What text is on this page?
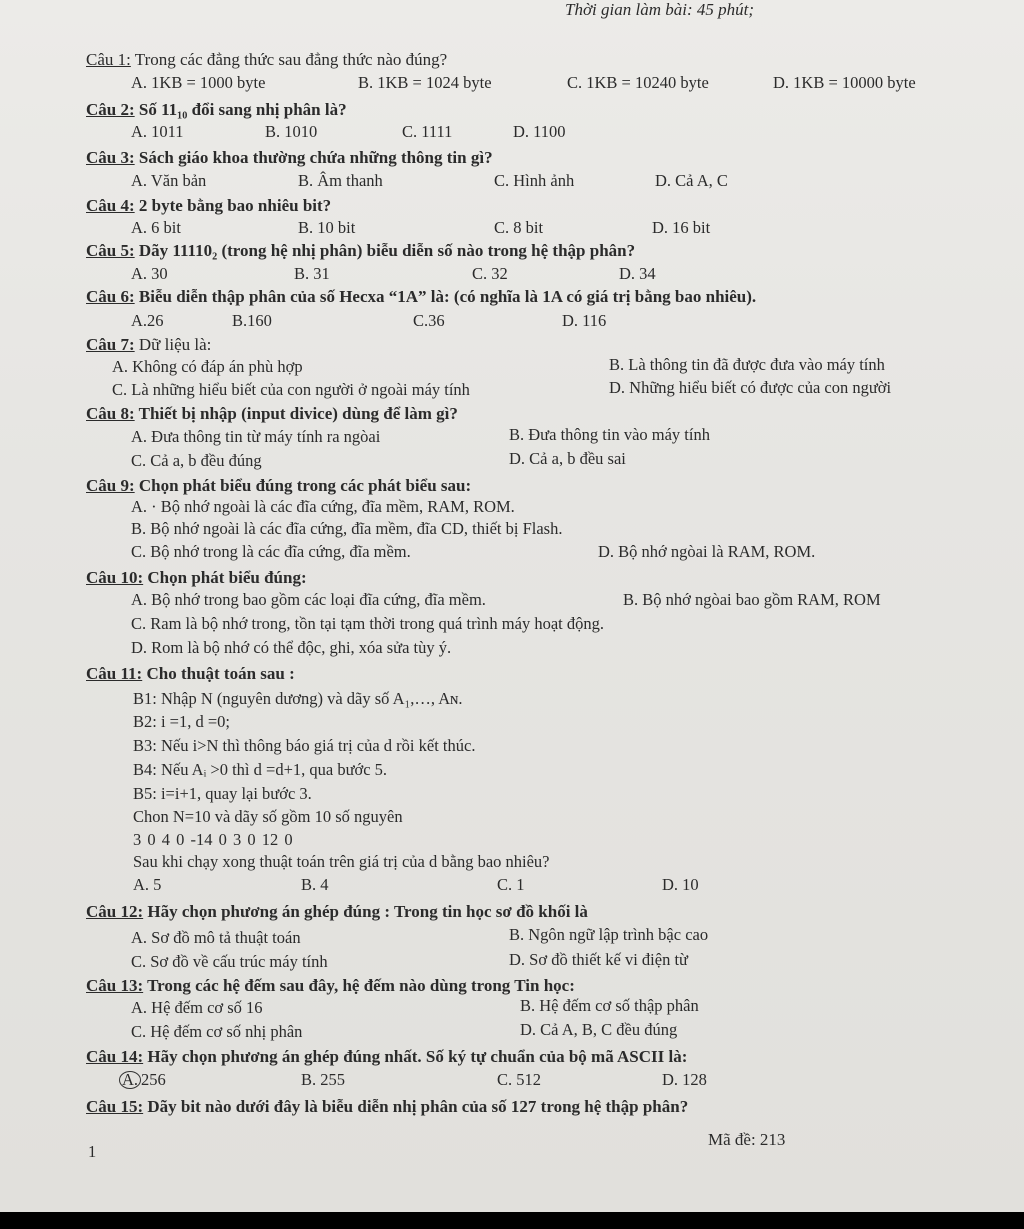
Thời gian làm bài: 45 phút;
Câu 1: Trong các đẳng thức sau đẳng thức nào đúng?
A. 1KB = 1000 byte	B. 1KB = 1024 byte	C. 1KB = 10240 byte	D. 1KB = 10000 byte
Câu 2: Số 11₁₀ đổi sang nhị phân là?
A. 1011	B. 1010	C. 1111	D. 1100
Câu 3: Sách giáo khoa thường chứa những thông tin gì?
A. Văn bản	B. Âm thanh	C. Hình ảnh	D. Cả A, C
Câu 4: 2 byte bằng bao nhiêu bit?
A. 6 bit	B. 10 bit	C. 8 bit	D. 16 bit
Câu 5: Dãy 11110₂ (trong hệ nhị phân) biễu diễn số nào trong hệ thập phân?
A. 30	B. 31	C. 32	D. 34
Câu 6: Biễu diễn thập phân của số Hecxa “1A” là: (có nghĩa là 1A có giá trị bằng bao nhiêu).
A.26	B.160	C.36	D. 116
Câu 7: Dữ liệu là:
A. Không có đáp án phù hợp	B. Là thông tin đã được đưa vào máy tính
C. Là những hiểu biết của con người ở ngoài máy tính	D. Những hiểu biết có được của con người
Câu 8: Thiết bị nhập (input divice) dùng để làm gì?
A. Đưa thông tin từ máy tính ra ngòai	B. Đưa thông tin vào máy tính
C. Cả a, b đều đúng	D. Cả a, b đều sai
Câu 9: Chọn phát biểu đúng trong các phát biểu sau:
A. · Bộ nhớ ngoài là các đĩa cứng, đĩa mềm, RAM, ROM.
B. Bộ nhớ ngoài là các đĩa cứng, đĩa mềm, đĩa CD, thiết bị Flash.
C. Bộ nhớ trong là các đĩa cứng, đĩa mềm.	D. Bộ nhớ ngòai là RAM, ROM.
Câu 10: Chọn phát biểu đúng:
A. Bộ nhớ trong bao gồm các loại đĩa cứng, đĩa mềm.	B. Bộ nhớ ngòai bao gồm RAM, ROM
C. Ram là bộ nhớ trong, tồn tại tạm thời trong quá trình máy hoạt động.
D. Rom là bộ nhớ có thể độc, ghi, xóa sửa tùy ý.
Câu 11: Cho thuật toán sau :
B1: Nhập N (nguyên dương) và dãy số A₁,…, Aɴ.
B2: i =1, d =0;
B3: Nếu i>N thì thông báo giá trị của d rồi kết thúc.
B4: Nếu Aᵢ >0 thì d =d+1, qua bước 5.
B5: i=i+1, quay lại bước 3.
Chon N=10 và dãy số gồm 10 số nguyên
3 0 4 0 -14 0 3 0 12 0
Sau khi chạy xong thuật toán trên giá trị của d bằng bao nhiêu?
A. 5	B. 4	C. 1	D. 10
Câu 12: Hãy chọn phương án ghép đúng : Trong tin học sơ đồ khối là
A. Sơ đồ mô tả thuật toán	B. Ngôn ngữ lập trình bậc cao
C. Sơ đồ về cấu trúc máy tính	D. Sơ đồ thiết kế vi điện từ
Câu 13: Trong các hệ đếm sau đây, hệ đếm nào dùng trong Tin học:
A. Hệ đếm cơ số 16	B. Hệ đếm cơ số thập phân
C. Hệ đếm cơ số nhị phân	D. Cả A, B, C đều đúng
Câu 14: Hãy chọn phương án ghép đúng nhất. Số ký tự chuẩn của bộ mã ASCII là:
A. 256	B. 255	C. 512	D. 128
Câu 15: Dãy bit nào dưới đây là biễu diễn nhị phân của số 127 trong hệ thập phân?
1
Mã đề: 213
